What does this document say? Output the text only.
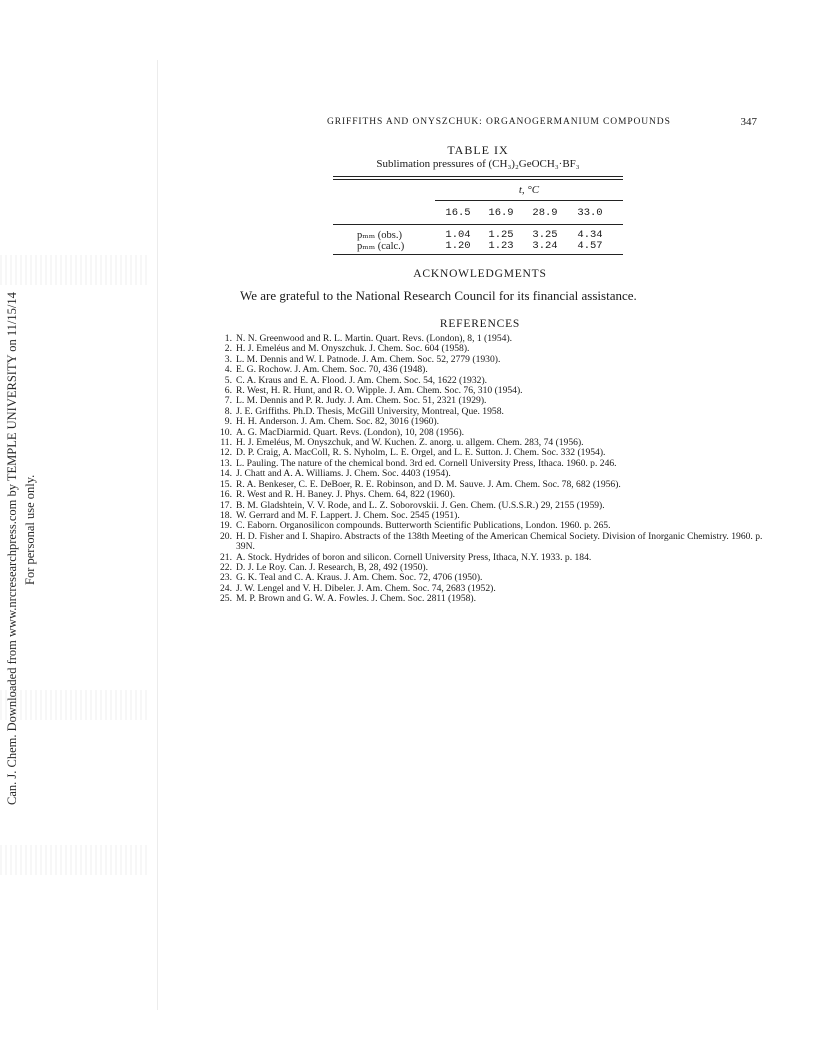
Can. J. Chem. Downloaded from www.nrcresearchpress.com by TEMPLE UNIVERSITY on 11/15/14 For personal use only.
GRIFFITHS AND ONYSZCHUK: ORGANOGERMANIUM COMPOUNDS	347
TABLE IX
Sublimation pressures of (CH₃)₂GeOCH₃·BF₃
t, °C
16.5	16.9	28.9	33.0
pₘₘ (obs.)	1.04	1.25	3.25	4.34
pₘₘ (calc.)	1.20	1.23	3.24	4.57
ACKNOWLEDGMENTS
We are grateful to the National Research Council for its financial assistance.
REFERENCES
1. N. N. Greenwood and R. L. Martin. Quart. Revs. (London), 8, 1 (1954).
2. H. J. Emeléus and M. Onyszchuk. J. Chem. Soc. 604 (1958).
3. L. M. Dennis and W. I. Patnode. J. Am. Chem. Soc. 52, 2779 (1930).
4. E. G. Rochow. J. Am. Chem. Soc. 70, 436 (1948).
5. C. A. Kraus and E. A. Flood. J. Am. Chem. Soc. 54, 1622 (1932).
6. R. West, H. R. Hunt, and R. O. Wipple. J. Am. Chem. Soc. 76, 310 (1954).
7. L. M. Dennis and P. R. Judy. J. Am. Chem. Soc. 51, 2321 (1929).
8. J. E. Griffiths. Ph.D. Thesis, McGill University, Montreal, Que. 1958.
9. H. H. Anderson. J. Am. Chem. Soc. 82, 3016 (1960).
10. A. G. MacDiarmid. Quart. Revs. (London), 10, 208 (1956).
11. H. J. Emeléus, M. Onyszchuk, and W. Kuchen. Z. anorg. u. allgem. Chem. 283, 74 (1956).
12. D. P. Craig, A. MacColl, R. S. Nyholm, L. E. Orgel, and L. E. Sutton. J. Chem. Soc. 332 (1954).
13. L. Pauling. The nature of the chemical bond. 3rd ed. Cornell University Press, Ithaca. 1960. p. 246.
14. J. Chatt and A. A. Williams. J. Chem. Soc. 4403 (1954).
15. R. A. Benkeser, C. E. DeBoer, R. E. Robinson, and D. M. Sauve. J. Am. Chem. Soc. 78, 682 (1956).
16. R. West and R. H. Baney. J. Phys. Chem. 64, 822 (1960).
17. B. M. Gladshtein, V. V. Rode, and L. Z. Soborovskii. J. Gen. Chem. (U.S.S.R.) 29, 2155 (1959).
18. W. Gerrard and M. F. Lappert. J. Chem. Soc. 2545 (1951).
19. C. Eaborn. Organosilicon compounds. Butterworth Scientific Publications, London. 1960. p. 265.
20. H. D. Fisher and I. Shapiro. Abstracts of the 138th Meeting of the American Chemical Society. Division of Inorganic Chemistry. 1960. p. 39N.
21. A. Stock. Hydrides of boron and silicon. Cornell University Press, Ithaca, N.Y. 1933. p. 184.
22. D. J. Le Roy. Can. J. Research, B, 28, 492 (1950).
23. G. K. Teal and C. A. Kraus. J. Am. Chem. Soc. 72, 4706 (1950).
24. J. W. Lengel and V. H. Dibeler. J. Am. Chem. Soc. 74, 2683 (1952).
25. M. P. Brown and G. W. A. Fowles. J. Chem. Soc. 2811 (1958).
